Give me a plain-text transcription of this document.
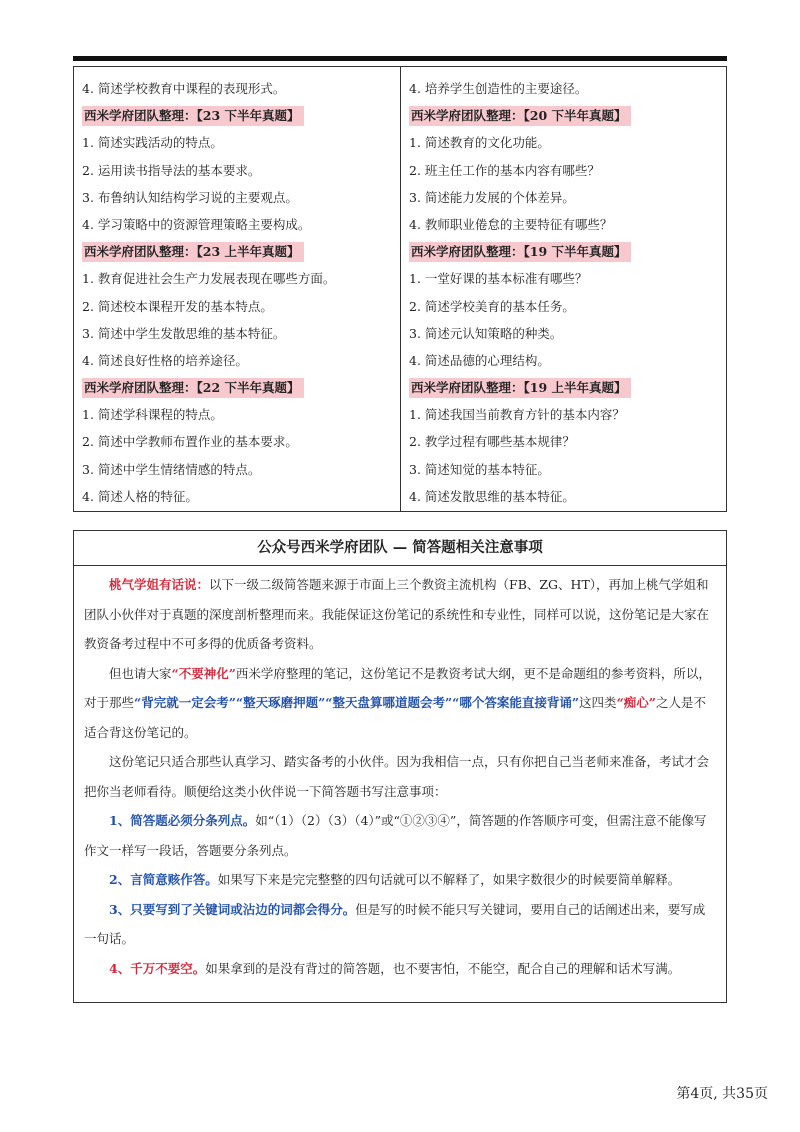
4. 简述学校教育中课程的表现形式。
西米学府团队整理：【23 下半年真题】
1. 简述实践活动的特点。
2. 运用读书指导法的基本要求。
3. 布鲁纳认知结构学习说的主要观点。
4. 学习策略中的资源管理策略主要构成。
西米学府团队整理：【23 上半年真题】
1. 教育促进社会生产力发展表现在哪些方面。
2. 简述校本课程开发的基本特点。
3. 简述中学生发散思维的基本特征。
4. 简述良好性格的培养途径。
西米学府团队整理：【22 下半年真题】
1. 简述学科课程的特点。
2. 简述中学教师布置作业的基本要求。
3. 简述中学生情绪情感的特点。
4. 简述人格的特征。
4. 培养学生创造性的主要途径。
西米学府团队整理：【20 下半年真题】
1. 简述教育的文化功能。
2. 班主任工作的基本内容有哪些？
3. 简述能力发展的个体差异。
4. 教师职业倦怠的主要特征有哪些？
西米学府团队整理：【19 下半年真题】
1. 一堂好课的基本标准有哪些？
2. 简述学校美育的基本任务。
3. 简述元认知策略的种类。
4. 简述品德的心理结构。
西米学府团队整理：【19 上半年真题】
1. 简述我国当前教育方针的基本内容？
2. 教学过程有哪些基本规律？
3. 简述知觉的基本特征。
4. 简述发散思维的基本特征。
公众号西米学府团队 — 简答题相关注意事项

桃气学姐有话说：以下一级二级简答题来源于市面上三个教资主流机构（FB、ZG、HT），再加上桃气学姐和团队小伙伴对于真题的深度剖析整理而来。我能保证这份笔记的系统性和专业性，同样可以说，这份笔记是大家在教资备考过程中不可多得的优质备考资料。

但也请大家“不要神化”西米学府整理的笔记，这份笔记不是教资考试大纲，更不是命题组的参考资料，所以，对于那些“背完就一定会考”“整天琢磨押题”“整天盘算哪道题会考”“哪个答案能直接背诵”这四类“痴心”之人是不适合背这份笔记的。

这份笔记只适合那些认真学习、踏实备考的小伙伴。因为我相信一点，只有你把自己当老师来准备，考试才会把你当老师看待。顺便给这类小伙伴说一下简答题书写注意事项：

1、简答题必须分条列点。如“（1）（2）（3）（4）”或“①②③④”，简答题的作答顺序可变，但需注意不能像写作文一样写一段话，答题要分条列点。

2、言简意赅作答。如果写下来是完完整整的四句话就可以不解释了，如果字数很少的时候要简单解释。

3、只要写到了关键词或沾边的词都会得分。但是写的时候不能只写关键词，要用自己的话阐述出来，要写成一句话。

4、千万不要空。如果拿到的是没有背过的简答题，也不要害怕，不能空，配合自己的理解和话术写满。

第4页, 共35页
